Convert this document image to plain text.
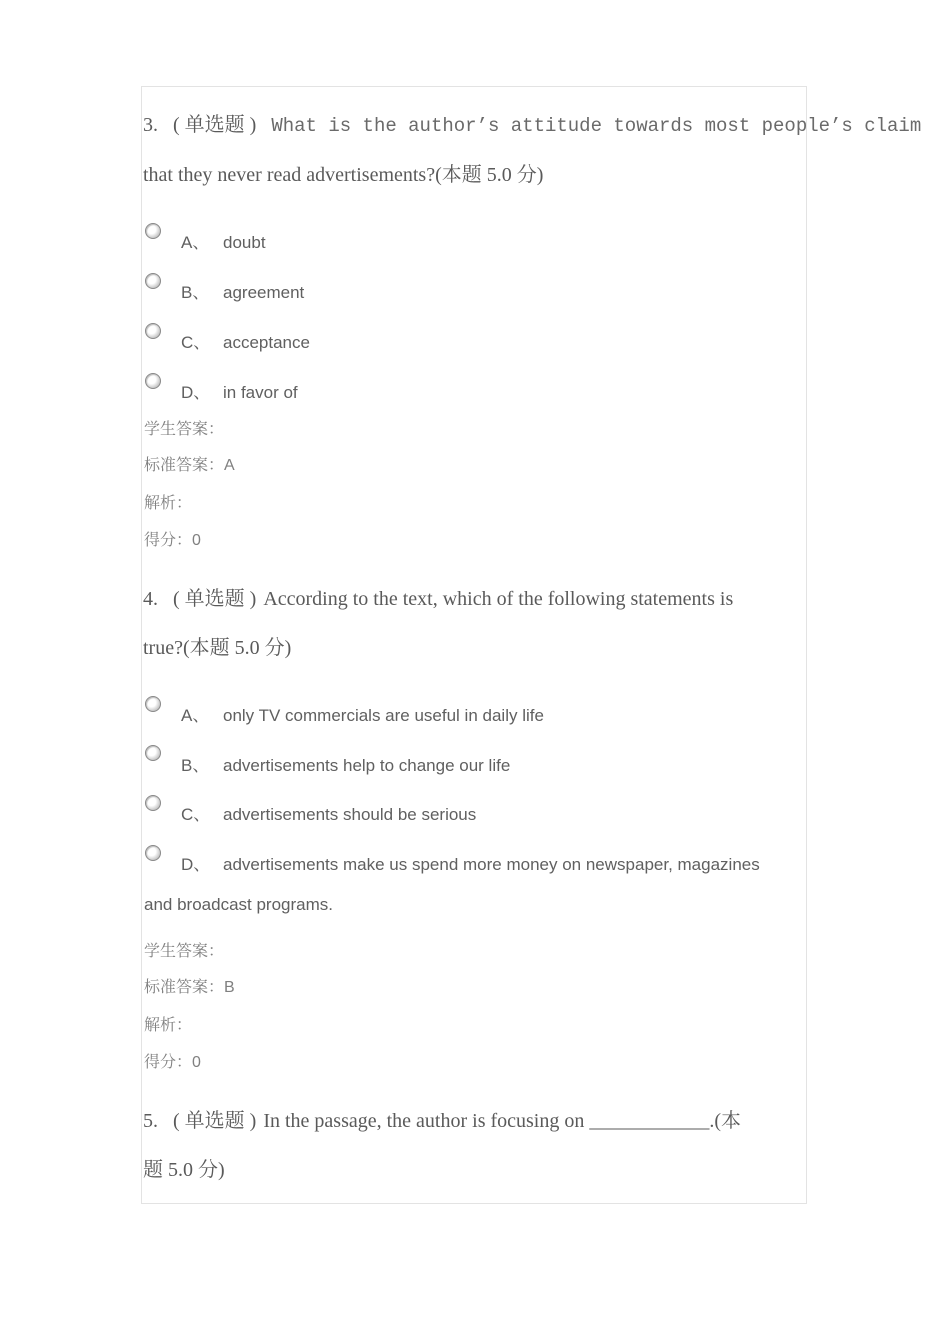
3. ( 单选题 ) What is the author’s attitude towards most people’s claim
that they never read advertisements?(本题 5.0 分)
A、 doubt
B、 agreement
C、 acceptance
D、 in favor of
学生答案：
标准答案：A
解析：
得分：0
4. ( 单选题 ) According to the text, which of the following statements is
true?(本题 5.0 分)
A、 only TV commercials are useful in daily life
B、 advertisements help to change our life
C、 advertisements should be serious
D、 advertisements make us spend more money on newspaper, magazines
and broadcast programs.
学生答案：
标准答案：B
解析：
得分：0
5. ( 单选题 ) In the passage, the author is focusing on ____________.(本
题 5.0 分)
